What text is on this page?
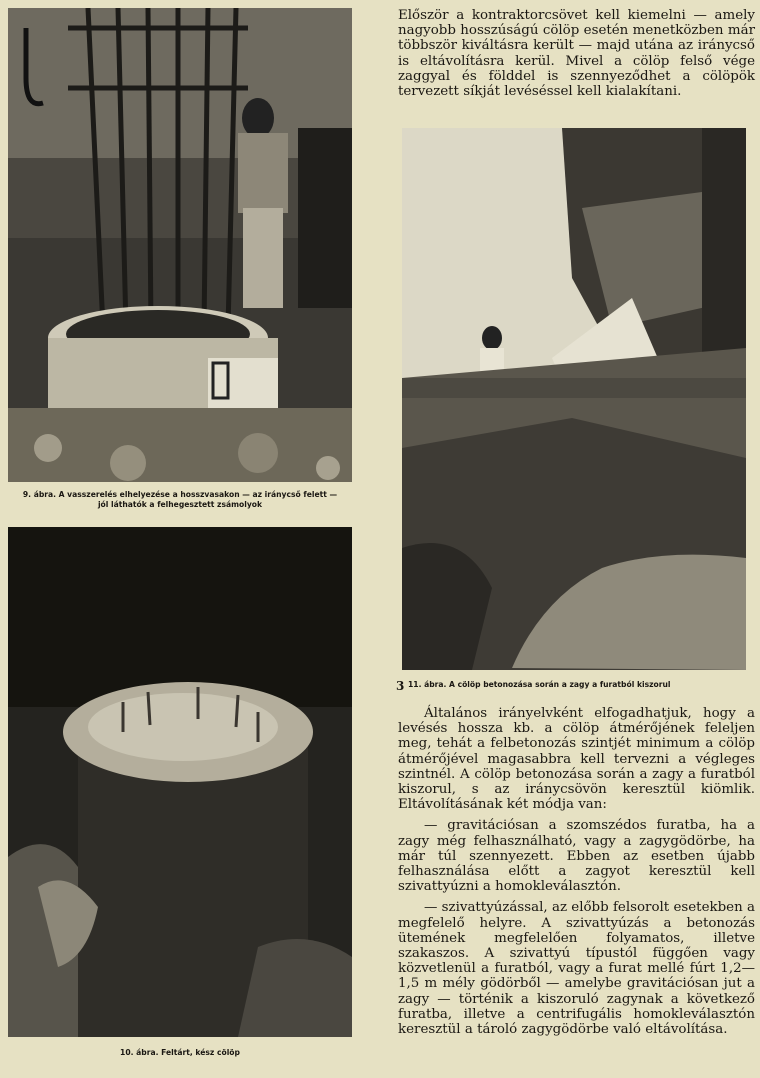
9. ábra. A vasszerelés elhelyezése a hosszvasakon — az iránycső felett —
jól láthatók a felhegesztett zsámolyok
10. ábra. Feltárt, kész cölöp

Először a kontraktorcsövet kell kiemelni — amely nagyobb hosszúságú cölöp esetén menetközben már többször kiváltásra került — majd utána az iránycső is eltávolításra kerül. Mivel a cölöp felső vége zaggyal és földdel is szennyeződhet a cölöpök tervezett síkját levéséssel kell kialakítani.

3 11. ábra. A cölöp betonozása során a zagy a furatból kiszorul

Általános irányelvként elfogadhatjuk, hogy a levésés hossza kb. a cölöp átmérőjének feleljen meg, tehát a felbetonozás szintjét minimum a cölöp átmérőjével magasabbra kell tervezni a végleges szintnél. A cölöp betonozása során a zagy a furatból kiszorul, s az iránycsövön keresztül kiömlik. Eltávolításának két módja van:

— gravitációsan a szomszédos furatba, ha a zagy még felhasználható, vagy a zagygödörbe, ha már túl szennyezett. Ebben az esetben újabb felhasználása előtt a zagyot keresztül kell szivattyúzni a homokleválasztón.

— szivattyúzással, az előbb felsorolt esetekben a megfelelő helyre. A szivattyúzás a betonozás ütemének megfelelően folyamatos, illetve szakaszos. A szivattyú típustól függően vagy közvetlenül a furatból, vagy a furat mellé fúrt 1,2—1,5 m mély gödörből — amelybe gravitációsan jut a zagy — történik a kiszoruló zagynak a következő furatba, illetve a centrifugális homokleválasztón keresztül a tároló zagygödörbe való eltávolítása.
